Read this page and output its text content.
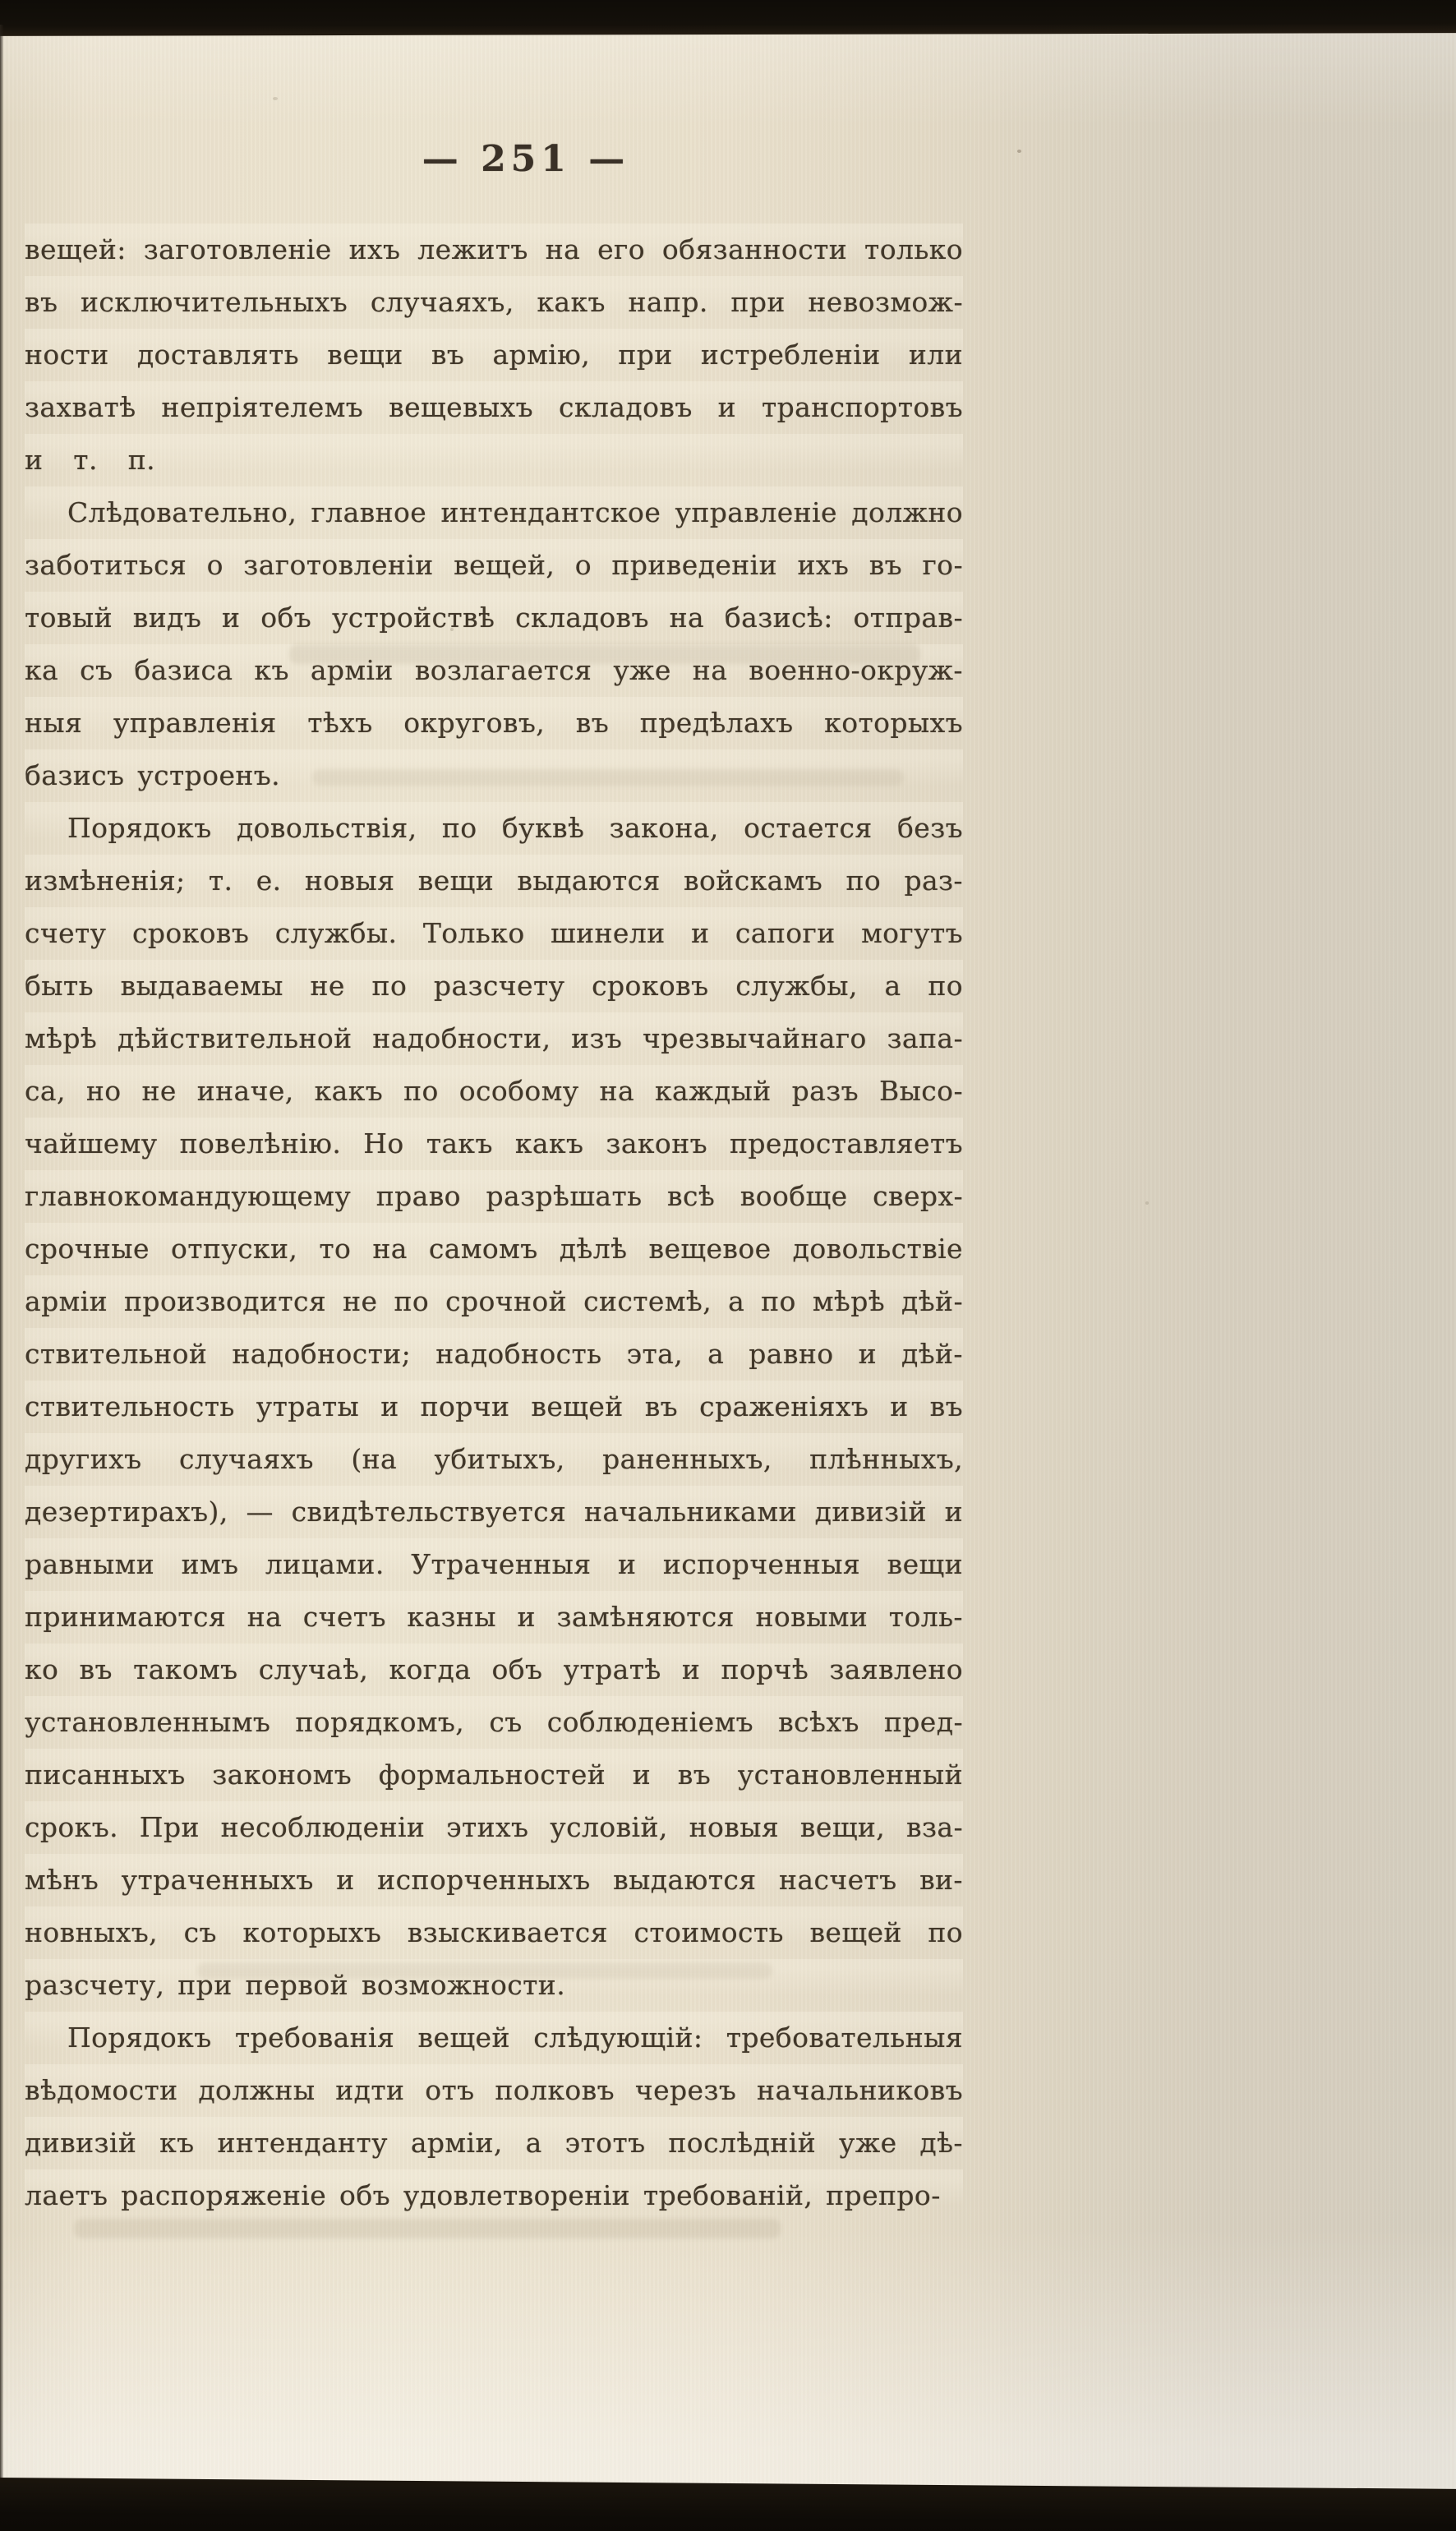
— 251 —
вещей: заготовленіе ихъ лежитъ на его обязанности только
въ исключительныхъ случаяхъ, какъ напр. при невозмож-
ности доставлять вещи въ армію, при истребленіи или
захватѣ непріятелемъ вещевыхъ складовъ и транспортовъ
и т. п.
Слѣдовательно, главное интендантское управленіе должно
заботиться о заготовленіи вещей, о приведеніи ихъ въ го-
товый видъ и объ устройствѣ складовъ на базисѣ: отправ-
ка съ базиса къ арміи возлагается уже на военно-окруж-
ныя управленія тѣхъ округовъ, въ предѣлахъ которыхъ
базисъ устроенъ.
Порядокъ довольствія, по буквѣ закона, остается безъ
измѣненія; т. е. новыя вещи выдаются войскамъ по раз-
счету сроковъ службы. Только шинели и сапоги могутъ
быть выдаваемы не по разсчету сроковъ службы, а по
мѣрѣ дѣйствительной надобности, изъ чрезвычайнаго запа-
са, но не иначе, какъ по особому на каждый разъ Высо-
чайшему повелѣнію. Но такъ какъ законъ предоставляетъ
главнокомандующему право разрѣшать всѣ вообще сверх-
срочные отпуски, то на самомъ дѣлѣ вещевое довольствіе
арміи производится не по срочной системѣ, а по мѣрѣ дѣй-
ствительной надобности; надобность эта, а равно и дѣй-
ствительность утраты и порчи вещей въ сраженіяхъ и въ
другихъ случаяхъ (на убитыхъ, раненныхъ, плѣнныхъ,
дезертирахъ), — свидѣтельствуется начальниками дивизій и
равными имъ лицами. Утраченныя и испорченныя вещи
принимаются на счетъ казны и замѣняются новыми толь-
ко въ такомъ случаѣ, когда объ утратѣ и порчѣ заявлено
установленнымъ порядкомъ, съ соблюденіемъ всѣхъ пред-
писанныхъ закономъ формальностей и въ установленный
срокъ. При несоблюденіи этихъ условій, новыя вещи, вза-
мѣнъ утраченныхъ и испорченныхъ выдаются насчетъ ви-
новныхъ, съ которыхъ взыскивается стоимость вещей по
разсчету, при первой возможности.
Порядокъ требованія вещей слѣдующій: требовательныя
вѣдомости должны идти отъ полковъ черезъ начальниковъ
дивизій къ интенданту арміи, а этотъ послѣдній уже дѣ-
лаетъ распоряженіе объ удовлетвореніи требованій, препро-
